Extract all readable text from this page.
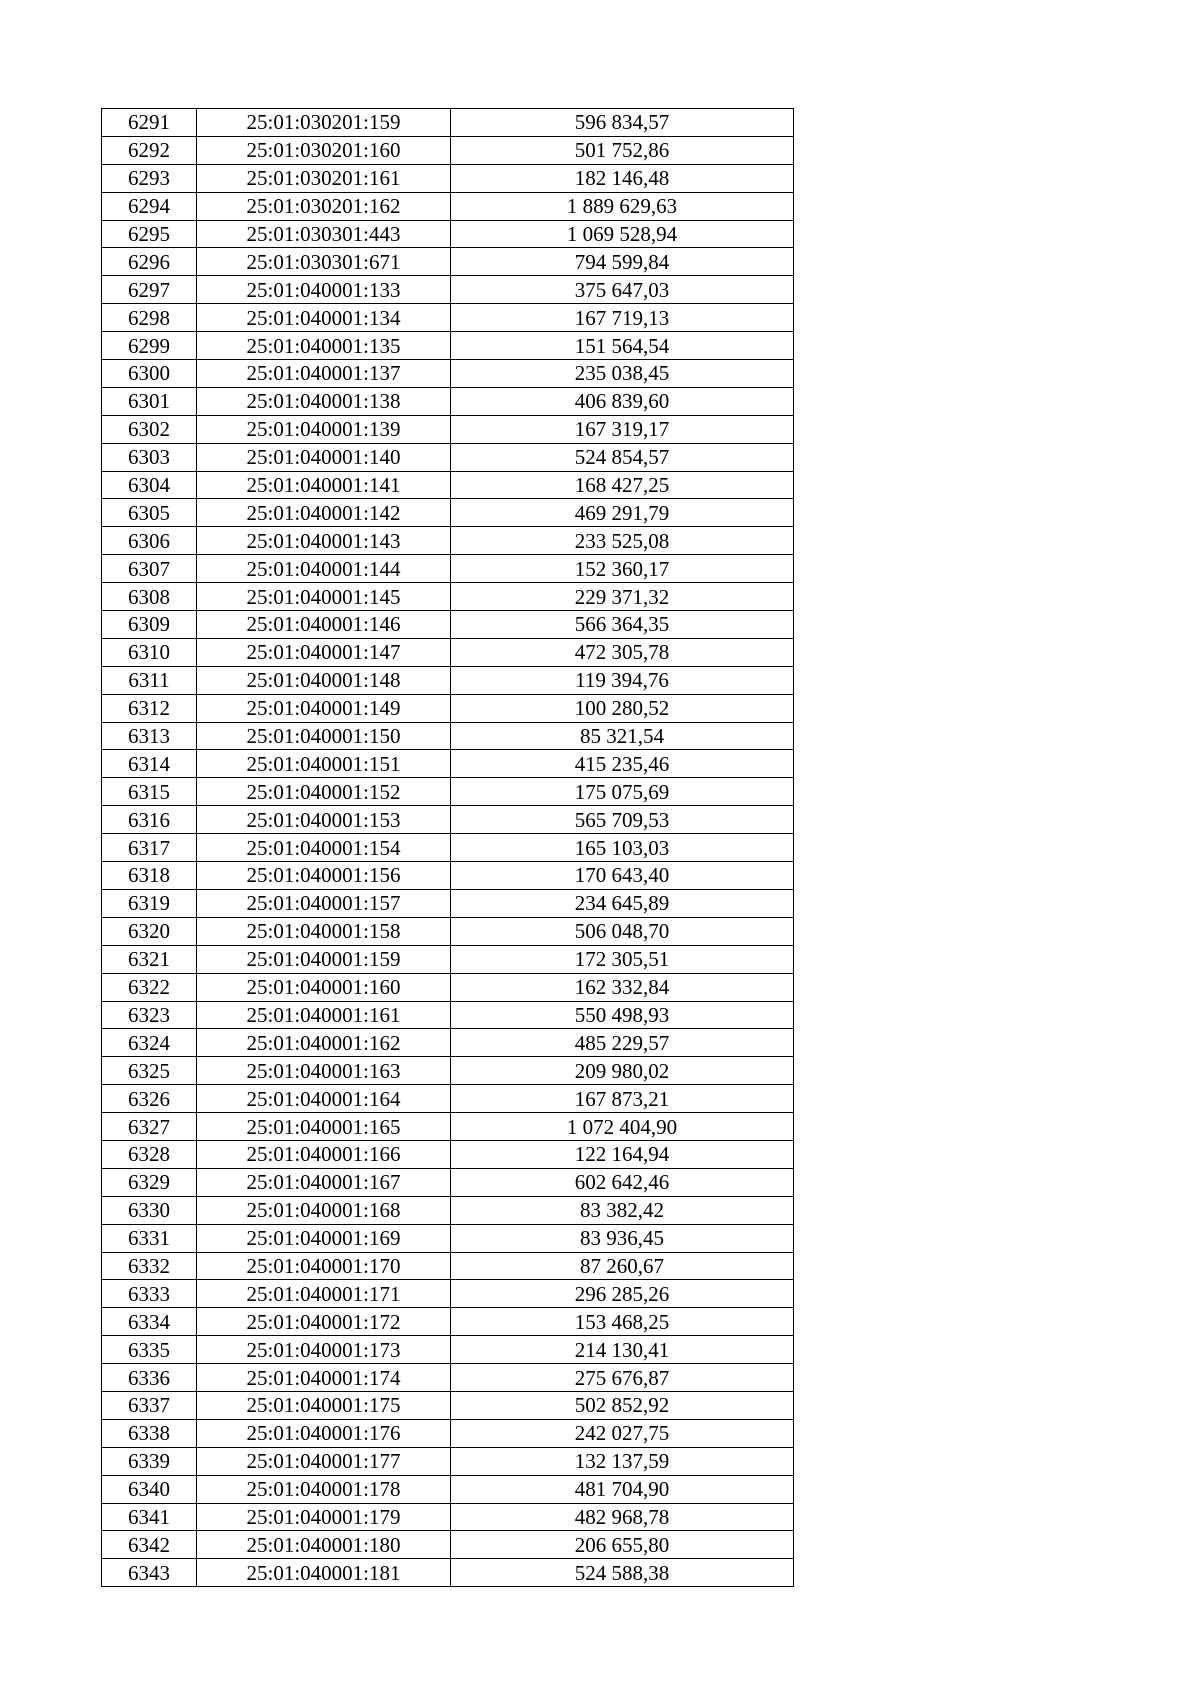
6291	25:01:030201:159	596 834,57
6292	25:01:030201:160	501 752,86
6293	25:01:030201:161	182 146,48
6294	25:01:030201:162	1 889 629,63
6295	25:01:030301:443	1 069 528,94
6296	25:01:030301:671	794 599,84
6297	25:01:040001:133	375 647,03
6298	25:01:040001:134	167 719,13
6299	25:01:040001:135	151 564,54
6300	25:01:040001:137	235 038,45
6301	25:01:040001:138	406 839,60
6302	25:01:040001:139	167 319,17
6303	25:01:040001:140	524 854,57
6304	25:01:040001:141	168 427,25
6305	25:01:040001:142	469 291,79
6306	25:01:040001:143	233 525,08
6307	25:01:040001:144	152 360,17
6308	25:01:040001:145	229 371,32
6309	25:01:040001:146	566 364,35
6310	25:01:040001:147	472 305,78
6311	25:01:040001:148	119 394,76
6312	25:01:040001:149	100 280,52
6313	25:01:040001:150	85 321,54
6314	25:01:040001:151	415 235,46
6315	25:01:040001:152	175 075,69
6316	25:01:040001:153	565 709,53
6317	25:01:040001:154	165 103,03
6318	25:01:040001:156	170 643,40
6319	25:01:040001:157	234 645,89
6320	25:01:040001:158	506 048,70
6321	25:01:040001:159	172 305,51
6322	25:01:040001:160	162 332,84
6323	25:01:040001:161	550 498,93
6324	25:01:040001:162	485 229,57
6325	25:01:040001:163	209 980,02
6326	25:01:040001:164	167 873,21
6327	25:01:040001:165	1 072 404,90
6328	25:01:040001:166	122 164,94
6329	25:01:040001:167	602 642,46
6330	25:01:040001:168	83 382,42
6331	25:01:040001:169	83 936,45
6332	25:01:040001:170	87 260,67
6333	25:01:040001:171	296 285,26
6334	25:01:040001:172	153 468,25
6335	25:01:040001:173	214 130,41
6336	25:01:040001:174	275 676,87
6337	25:01:040001:175	502 852,92
6338	25:01:040001:176	242 027,75
6339	25:01:040001:177	132 137,59
6340	25:01:040001:178	481 704,90
6341	25:01:040001:179	482 968,78
6342	25:01:040001:180	206 655,80
6343	25:01:040001:181	524 588,38
